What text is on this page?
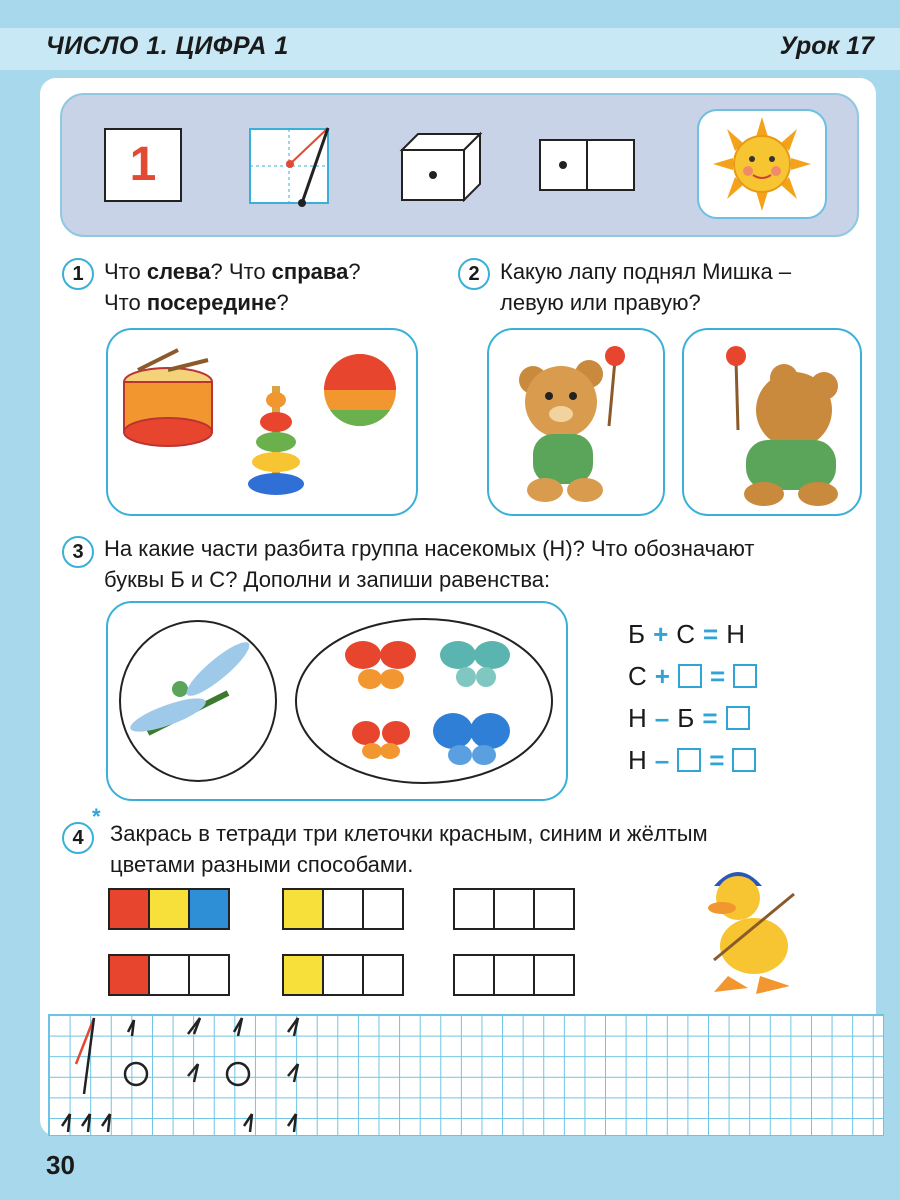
ЧИСЛО 1. ЦИФРА 1	Урок 17
1
1 Что слева? Что справа?
Что посередине?
2 Какую лапу поднял Мишка –
левую или правую?
3 На какие части разбита группа насекомых (Н)? Что обозначают
буквы Б и С? Дополни и запиши равенства:
Б + С = Н
С + =
Н – Б =
Н – =
4
*
Закрась в тетради три клеточки красным, синим и жёлтым
цветами разными способами.
30
